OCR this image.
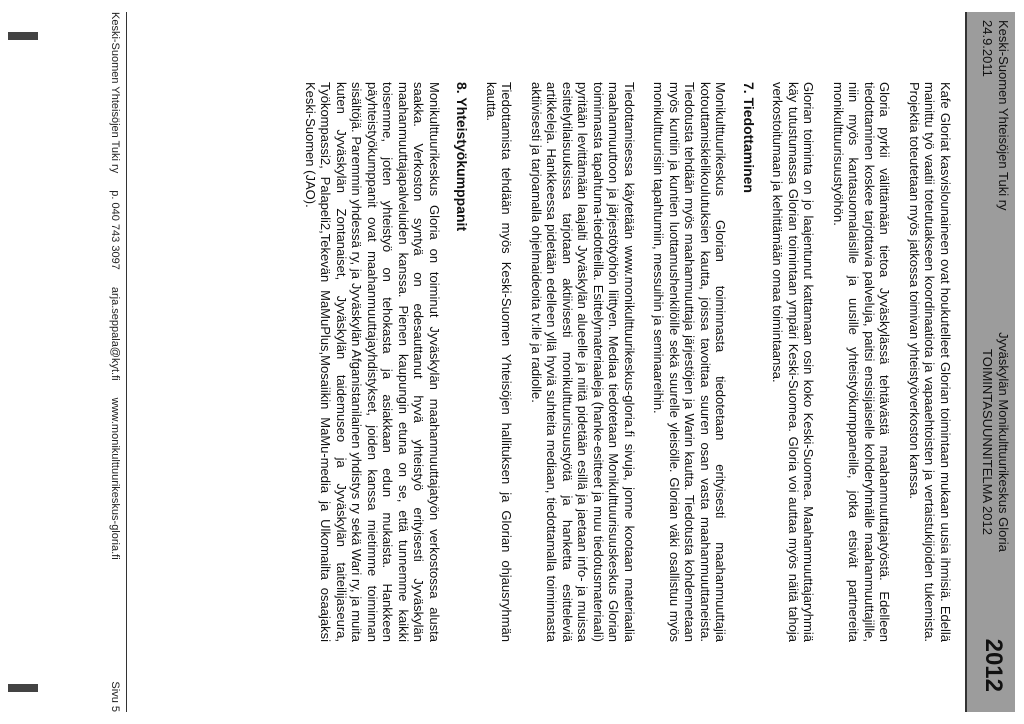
Keski-Suomen Yhteisöjen Tuki ry
24.9.2011
Jyväskylän Monikulttuurikeskus Gloria
TOIMINTASUUNNITELMA 2012
2012

Kafe Gloriat kasvislounaineen ovat houkutelleet Glorian toimintaan mukaan uusia ihmisiä. Edellä mainittu työ vaatii toteutuakseen koordinaatiota ja vapaaehtoisten ja vertaistukijoiden tukemista. Projektia toteutetaan myös jatkossa toimivan yhteistyöverkoston kanssa.

Gloria pyrkii välittämään tietoa Jyväskylässä tehtävästä maahanmuuttajatyöstä. Edelleen tiedottaminen koskee tarjottavia palveluja, paitsi ensisijaiselle kohderyhmälle maahanmuuttajille, niin myös kantasuomalaisille ja uusille yhteistyökumppaneille, jotka etsivät partnereita monikulttuurisuustyöhön.

Glorian toiminta on jo laajentunut kattamaan osin koko Keski-Suomea. Maahanmuuttajaryhmiä käy tutustumassa Glorian toimintaan ympäri Keski-Suomea. Gloria voi auttaa myös näitä tahoja verkostoitumaan ja kehittämään omaa toimintaansa.

7. Tiedottaminen

Monikulttuurikeskus Glorian toiminnasta tiedotetaan erityisesti maahanmuuttajia kotouttamiskielikoulutuksien kautta, joissa tavoittaa suuren osan vasta maahanmuuttaneista. Tiedotusta tehdään myös maahanmuuttaja järjestöjen ja Warin kautta. Tiedotusta kohdennetaan myös kuntiin ja kuntien luottamushenkilöille sekä suurelle yleisölle. Glorian väki osallistuu myös monikulttuurisiin tapahtumiin, messuihin ja seminaareihin.

Tiedottamisessa käytetään www.monikulttuurikeskus-gloria.fi sivuja, jonne kootaan materiaalia maahanmuuttoon ja järjestötyöhön liittyen. Mediaa tiedotetaan Monikulttuurisuuskeskus Glorian toiminnasta tapahtuma-tiedotteilla. Esittelymateriaaleja (hanke-esitteet ja muu tiedotusmateriaali) pyritään levittämään laajalti Jyväskylän alueelle ja niitä pidetään esillä ja jaetaan info- ja muissa esittelytilaisuuksissa tarjotaan aktiivisesti monikulttuurisuustyötä ja hanketta esitteleviä artikkeleja. Hankkeessa pidetään edelleen yllä hyviä suhteita mediaan, tiedottamalla toiminnasta aktiivisesti ja tarjoamalla ohjelmaideoita tv:lle ja radiolle.

Tiedottamista tehdään myös Keski-Suomen Yhteisöjen hallituksen ja Glorian ohjausryhmän kautta.

8. Yhteistyökumppanit

Monikulttuurikeskus Gloria on toiminut Jyväskylän maahanmuuttajatyön verkostossa alusta saakka. Verkoston syntyä on edesauttanut hyvä yhteistyö erityisesti Jyväskylän maahanmuuttajapalveluiden kanssa. Pienen kaupungin etuna on se, että tunnemme kaikki toisemme, joten yhteistyö on tehokasta ja asiakkaan edun mukaista. Hankkeen päyhteistyökumppanit ovat maahanmuuttajayhdistykset, joiden kanssa mietimme toiminnan sisältöjä. Paremmin yhdessä ry, ja Jyväskylän Afganistanilainen yhdistys ry sekä Wari ry, ja muita kuten Jyväskylän Zontanaiset, Jyväskylän taidemuseo ja Jyväskylän taiteilijaseura, Työkompassi2, Palapeli2,Tekevän MaMuPlus,Mosaiikin MaMu-media ja Ulkomailta osaajaksi Keski-Suomen (JAO).

Keski-Suomen Yhteisöjen Tuki ry p. 040 743 3097 arja.seppala@kyt.fi www.monikulttuurikeskus-gloria.fi
Sivu 5
